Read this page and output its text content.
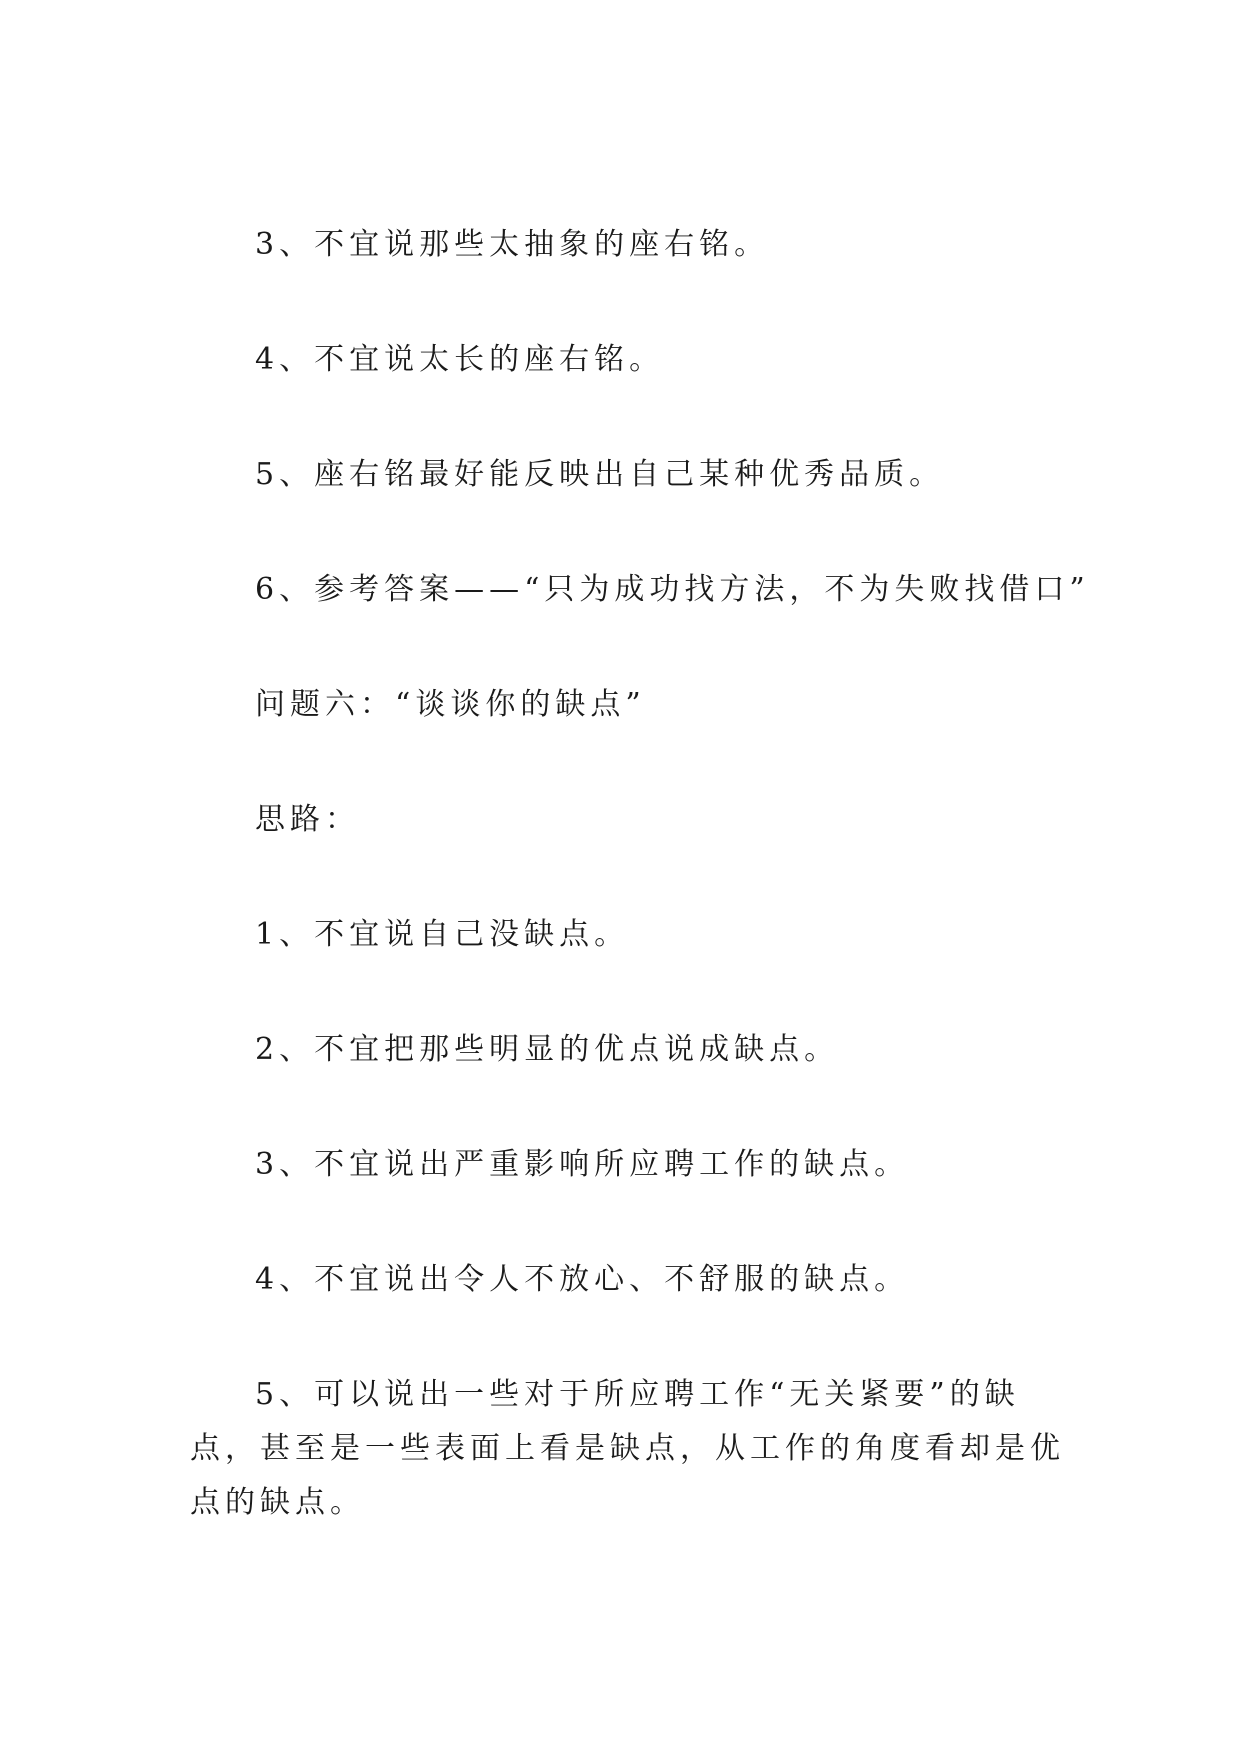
3、不宜说那些太抽象的座右铭。
4、不宜说太长的座右铭。
5、座右铭最好能反映出自己某种优秀品质。
6、参考答案——“只为成功找方法，不为失败找借口”
问题六：“谈谈你的缺点”
思路：
1、不宜说自己没缺点。
2、不宜把那些明显的优点说成缺点。
3、不宜说出严重影响所应聘工作的缺点。
4、不宜说出令人不放心、不舒服的缺点。
5、可以说出一些对于所应聘工作“无关紧要”的缺点，甚至是一些表面上看是缺点，从工作的角度看却是优点的缺点。
